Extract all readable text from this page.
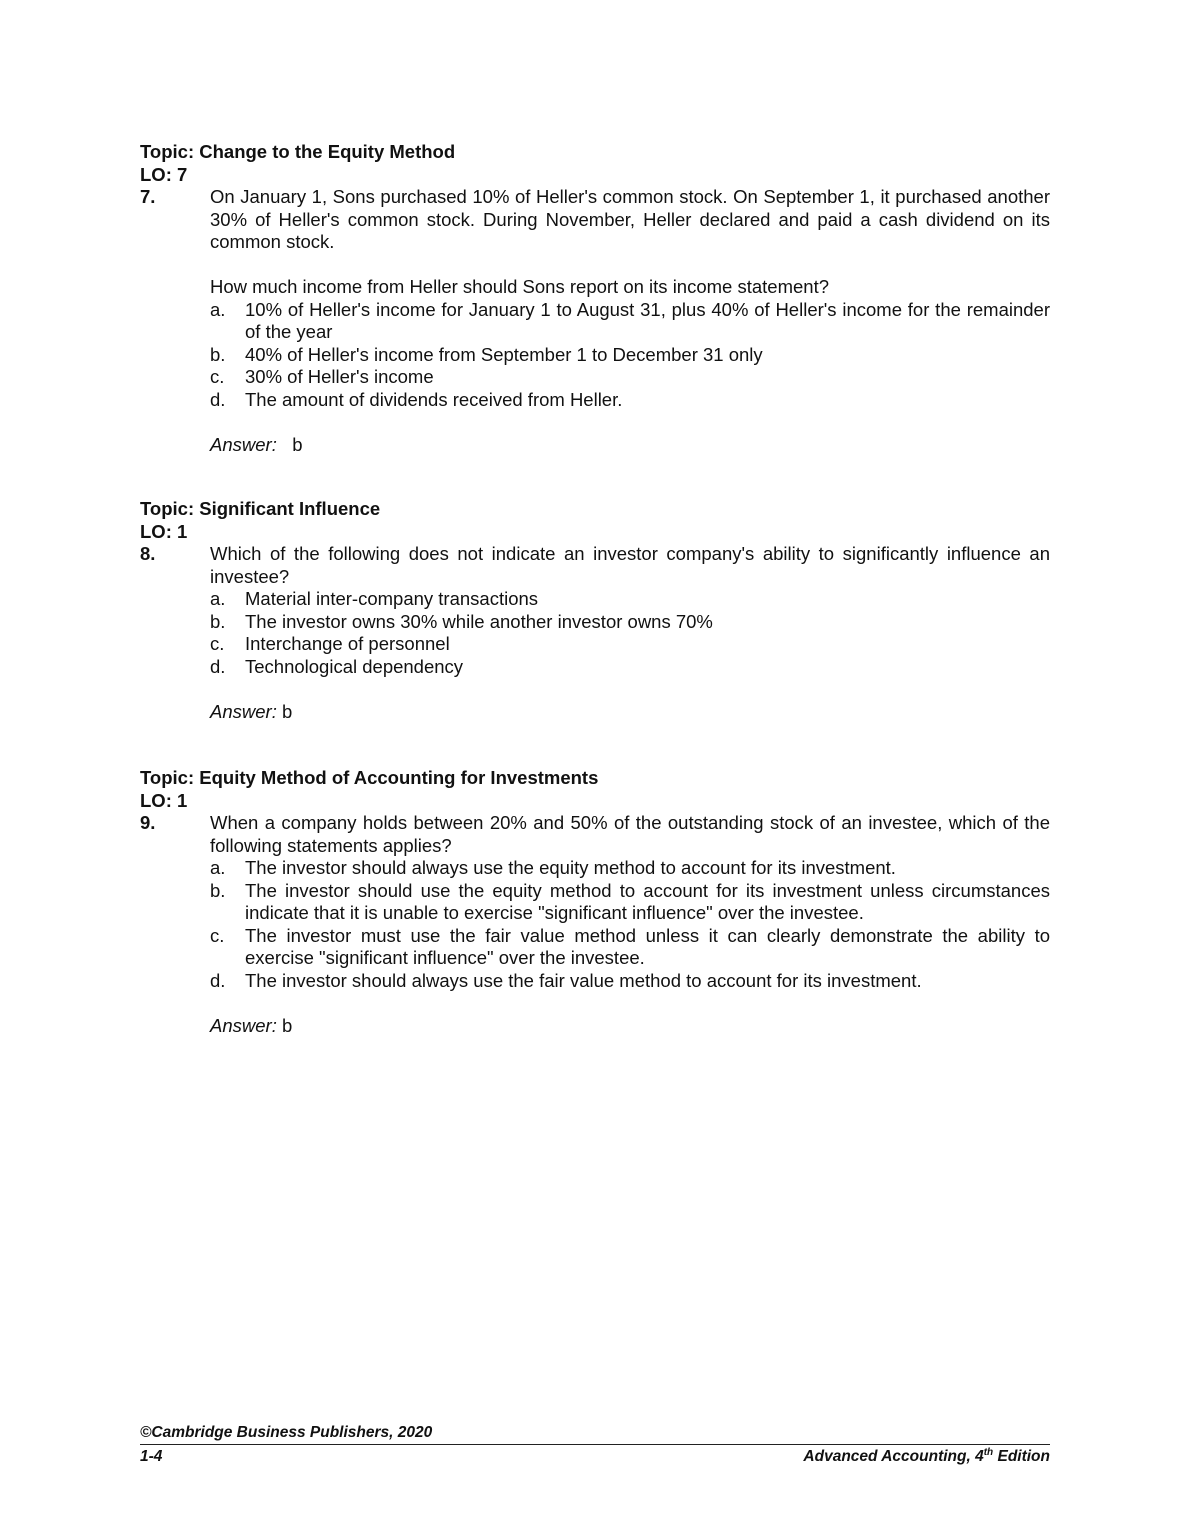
Topic: Change to the Equity Method
LO: 7
7.	On January 1, Sons purchased 10% of Heller's common stock. On September 1, it purchased another 30% of Heller's common stock. During November, Heller declared and paid a cash dividend on its common stock.

How much income from Heller should Sons report on its income statement?

a.	10% of Heller's income for January 1 to August 31, plus 40% of Heller's income for the remainder of the year
b.	40% of Heller's income from September 1 to December 31 only
c.	30% of Heller's income
d.	The amount of dividends received from Heller.
Answer: b
Topic: Significant Influence
LO: 1
8.	Which of the following does not indicate an investor company's ability to significantly influence an investee?

a.	Material inter-company transactions
b.	The investor owns 30% while another investor owns 70%
c.	Interchange of personnel
d.	Technological dependency
Answer: b
Topic: Equity Method of Accounting for Investments
LO: 1
9.	When a company holds between 20% and 50% of the outstanding stock of an investee, which of the following statements applies?

a.	The investor should always use the equity method to account for its investment.
b.	The investor should use the equity method to account for its investment unless circumstances indicate that it is unable to exercise "significant influence" over the investee.
c.	The investor must use the fair value method unless it can clearly demonstrate the ability to exercise "significant influence" over the investee.
d.	The investor should always use the fair value method to account for its investment.
Answer: b
©Cambridge Business Publishers, 2020
1-4	Advanced Accounting, 4th Edition
